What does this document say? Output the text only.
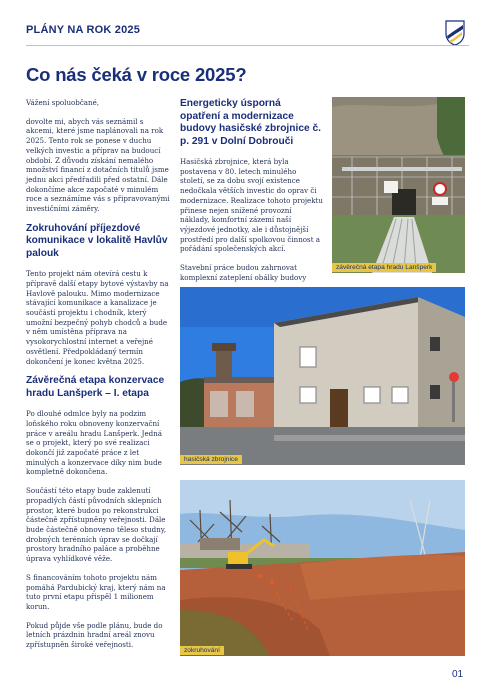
PLÁNY NA ROK 2025
Co nás čeká v roce 2025?

Vážení spoluobčané,

dovolte mi, abych vás seznámil s akcemi, které jsme naplánovali na rok 2025. Tento rok se ponese v duchu velkých investic a příprav na budoucí období. Z důvodu získání nemalého množství financí z dotačních titulů jsme jednu akci předřadili před ostatní. Dále dokončíme akce započaté v minulém roce a seznámíme vás s připravovanými investičními záměry.

Zokruhování příjezdové komunikace v lokalitě Havlův palouk

Tento projekt nám otevírá cestu k přípravě další etapy bytové výstavby na Havlově palouku. Mimo modernizace stávající komunikace a kanalizace je součástí projektu i chodník, který umožní bezpečný pohyb chodců a bude v něm umístěna příprava na vysokorychlostní internet a veřejné osvětlení. Předpokládaný termín dokončení je konec května 2025.

Závěrečná etapa konzervace hradu Lanšperk – I. etapa

Po dlouhé odmlce byly na podzim loňského roku obnoveny konzervační práce v areálu hradu Lanšperk. Jedná se o projekt, který po své realizaci dokončí již započaté práce z let minulých a konzervace díky nim bude kompletně dokončena.

Součástí této etapy bude zaklenutí propadlých částí původních sklepních prostor, které budou po rekonstrukci částečně zpřístupněny veřejnosti. Dále bude částečně obnoveno těleso studny, drobných terénních úprav se dočkají prostory hradního paláce a proběhne úprava vyhlídkové věže.

S financováním tohoto projektu nám pomáhá Pardubický kraj, který nám na tuto první etapu přispěl 1 milionem korun.

Pokud půjde vše podle plánu, bude do letních prázdnin hradní areál znovu zpřístupněn široké veřejnosti.

Energeticky úsporná opatření a modernizace budovy hasičské zbrojnice č. p. 291 v Dolní Dobrouči

Hasičská zbrojnice, která byla postavena v 80. letech minulého století, se za dobu svojí existence nedočkala větších investic do oprav či modernizace. Realizace tohoto projektu přinese nejen snížené provozní náklady, komfortní zázemí naší výjezdové jednotky, ale i důstojnější prostředí pro další spolkovou činnost a pořádání společenských akcí.

Stavební práce budou zahrnovat komplexní zateplení obálky budovy

závěrečná etapa hradu Lanšperk
hasičská zbrojnice
zokruhování
01
